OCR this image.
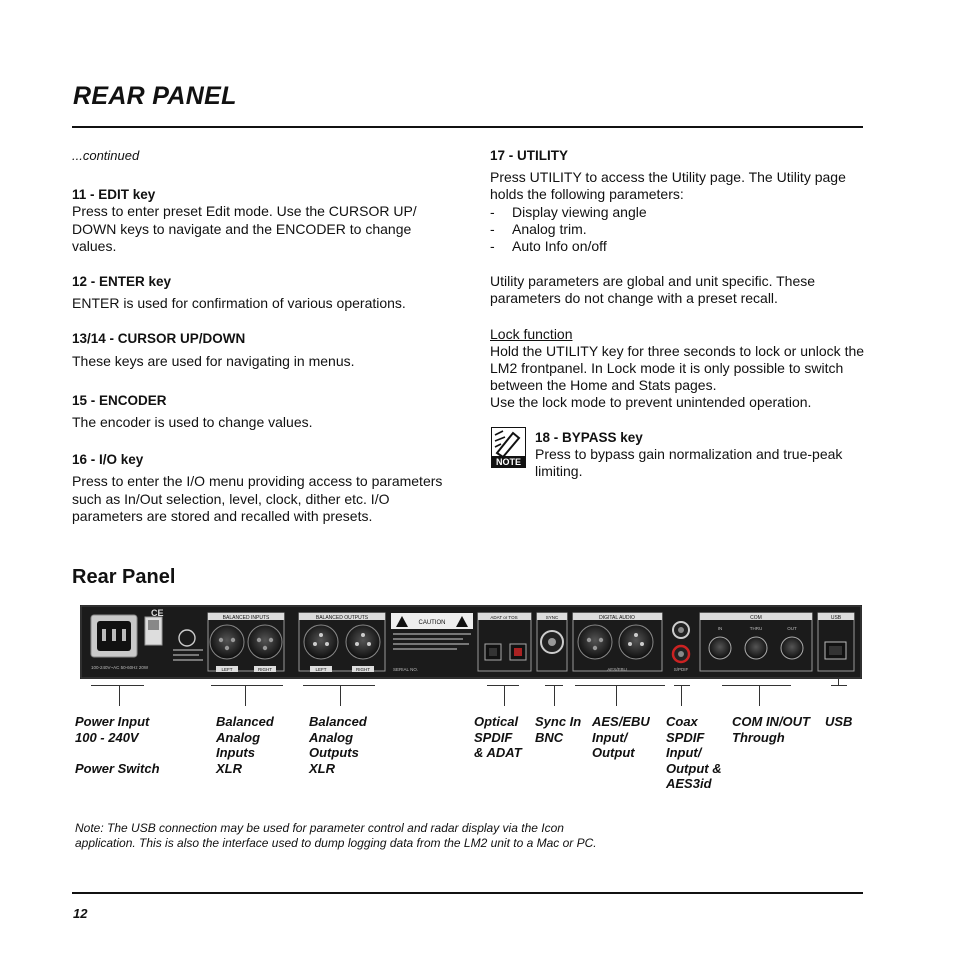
REAR PANEL

...continued

11 - EDIT key

Press to enter preset Edit mode. Use the CURSOR UP/ DOWN keys to navigate and the ENCODER to change values.

12 - ENTER key

ENTER is used for confirmation of various operations.

13/14 - CURSOR UP/DOWN

These keys are used for navigating in menus.

15 - ENCODER

The encoder is used to change values.

16 - I/O key

Press to enter the I/O menu providing access to parameters such as In/Out selection, level, clock, dither etc. I/O parameters are stored and recalled with presets.

17 - UTILITY

Press UTILITY to access the Utility page. The Utility page holds the following parameters:

-	Display viewing angle
-	Analog trim.
-	Auto Info on/off

Utility parameters are global and unit specific. These parameters do not change with a preset recall.

Lock function

Hold the UTILITY key for three seconds to lock or unlock the LM2 frontpanel. In Lock mode it is only possible to switch between the Home and Stats pages.

Use the lock mode to prevent unintended operation.

NOTE

18 - BYPASS key

Press to bypass gain normalization and true-peak limiting.

Rear Panel
100-240V~AC 50-60Hz 20W
CE	BALANCED INPUTS
LEFT	RIGHT
BALANCED OUTPUTS
LEFT	RIGHT
CAUTION
SERIAL NO.
ADAT or TOS	SYNC	DIGITAL AUDIO
AES/EBU	S/PDIF
COM
IN	THRU	OUT
USB
Power Input
100 - 240V

Power Switch
Balanced
Analog
Inputs
XLR
Balanced
Analog
Outputs
XLR
Optical
SPDIF
& ADAT
Sync In
BNC
AES/EBU
Input/
Output
Coax
SPDIF
Input/
Output &
AES3id
COM IN/OUT
Through
USB
Note: The USB connection may be used for parameter control and radar display via the Icon application. This is also the interface used to dump logging data from the LM2 unit to a Mac or PC.
12
